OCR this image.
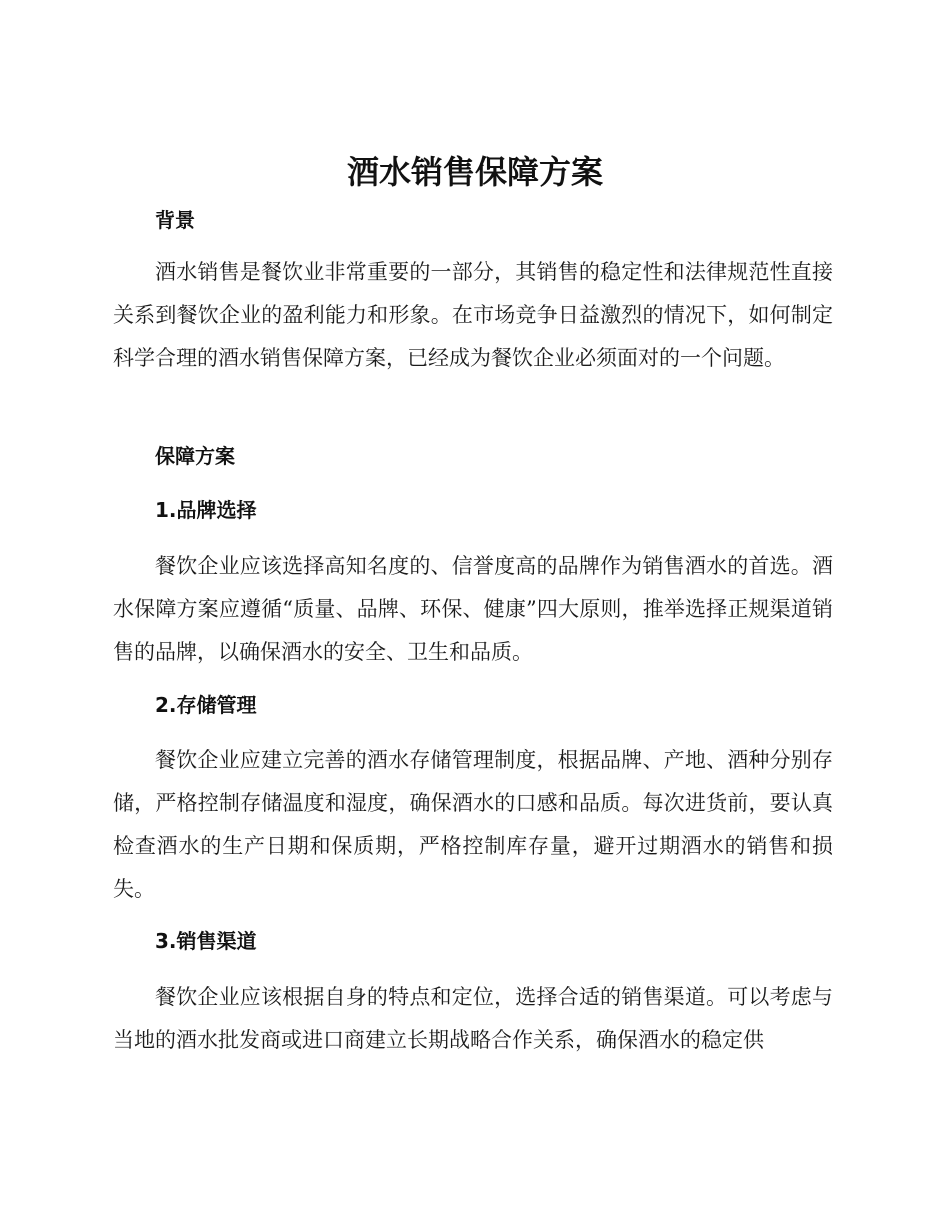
酒水销售保障方案
背景

酒水销售是餐饮业非常重要的一部分，其销售的稳定性和法律规范性直接关系到餐饮企业的盈利能力和形象。在市场竞争日益激烈的情况下，如何制定科学合理的酒水销售保障方案，已经成为餐饮企业必须面对的一个问题。

保障方案
1.品牌选择

餐饮企业应该选择高知名度的、信誉度高的品牌作为销售酒水的首选。酒水保障方案应遵循“质量、品牌、环保、健康”四大原则，推举选择正规渠道销售的品牌，以确保酒水的安全、卫生和品质。

2.存储管理

餐饮企业应建立完善的酒水存储管理制度，根据品牌、产地、酒种分别存储，严格控制存储温度和湿度，确保酒水的口感和品质。每次进货前，要认真检查酒水的生产日期和保质期，严格控制库存量，避开过期酒水的销售和损失。

3.销售渠道

餐饮企业应该根据自身的特点和定位，选择合适的销售渠道。可以考虑与当地的酒水批发商或进口商建立长期战略合作关系，确保酒水的稳定供
